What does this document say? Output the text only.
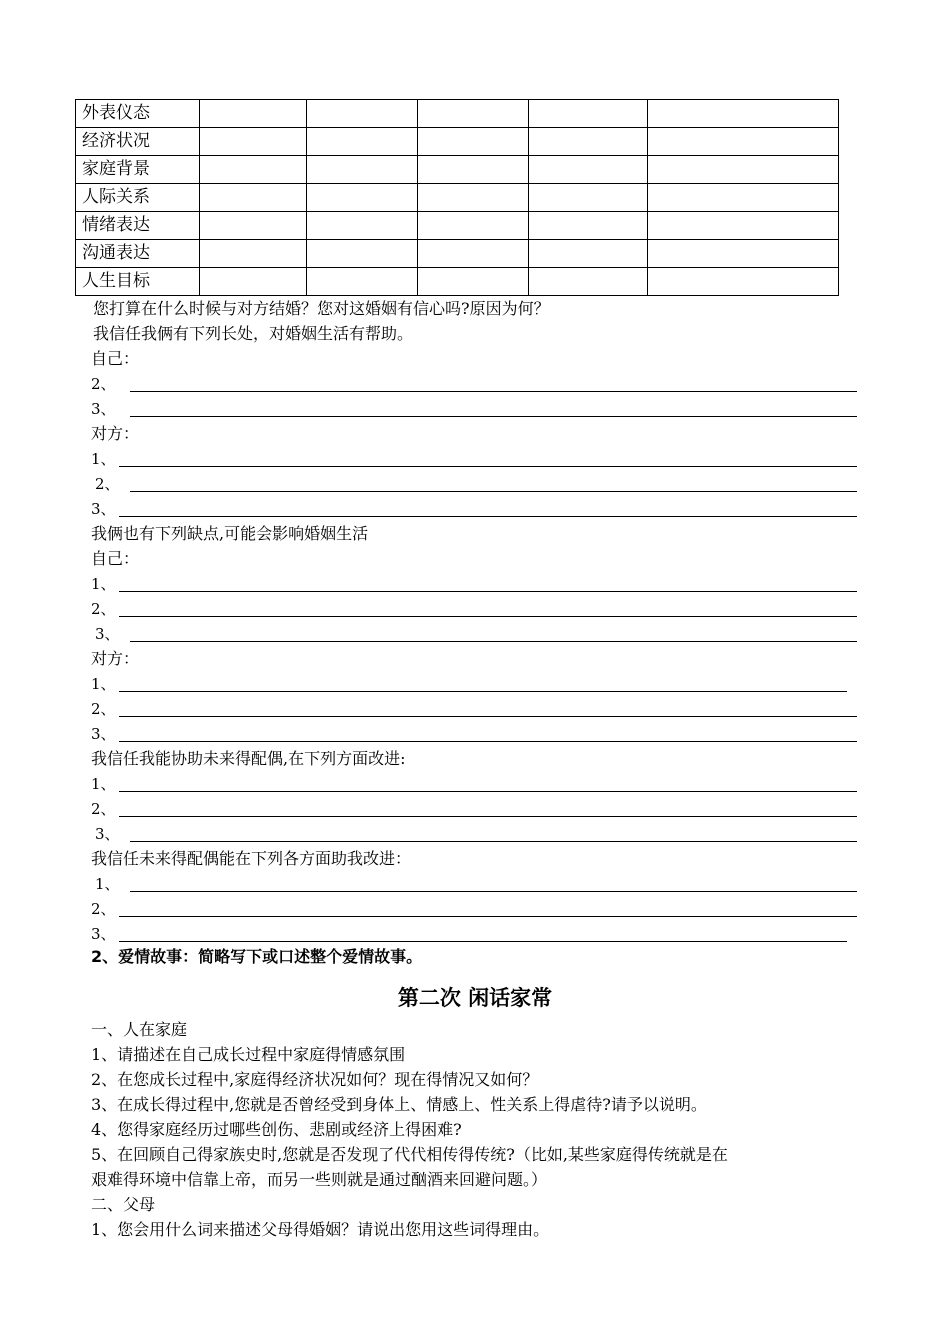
外表仪态					
经济状况					
家庭背景					
人际关系					
情绪表达					
沟通表达					
人生目标					
您打算在什么时候与对方结婚？您对这婚姻有信心吗?原因为何？
我信任我俩有下列长处，对婚姻生活有帮助。
自己：
2、
3、
对方：
1、
2、
3、
我俩也有下列缺点,可能会影响婚姻生活
自己：
1、
2、
3、
对方：
1、
2、
3、
我信任我能协助未来得配偶,在下列方面改进:
1、
2、
3、
我信任未来得配偶能在下列各方面助我改进：
1、
2、
3、
2、爱情故事：简略写下或口述整个爱情故事。
第二次 闲话家常
一、人在家庭
1、请描述在自己成长过程中家庭得情感氛围
2、在您成长过程中,家庭得经济状况如何？现在得情况又如何？
3、在成长得过程中,您就是否曾经受到身体上、情感上、性关系上得虐待?请予以说明。
4、您得家庭经历过哪些创伤、悲剧或经济上得困难?
5、在回顾自己得家族史时,您就是否发现了代代相传得传统?（比如,某些家庭得传统就是在
艰难得环境中信靠上帝，而另一些则就是通过酗酒来回避问题。）
二、父母
1、您会用什么词来描述父母得婚姻？请说出您用这些词得理由。
